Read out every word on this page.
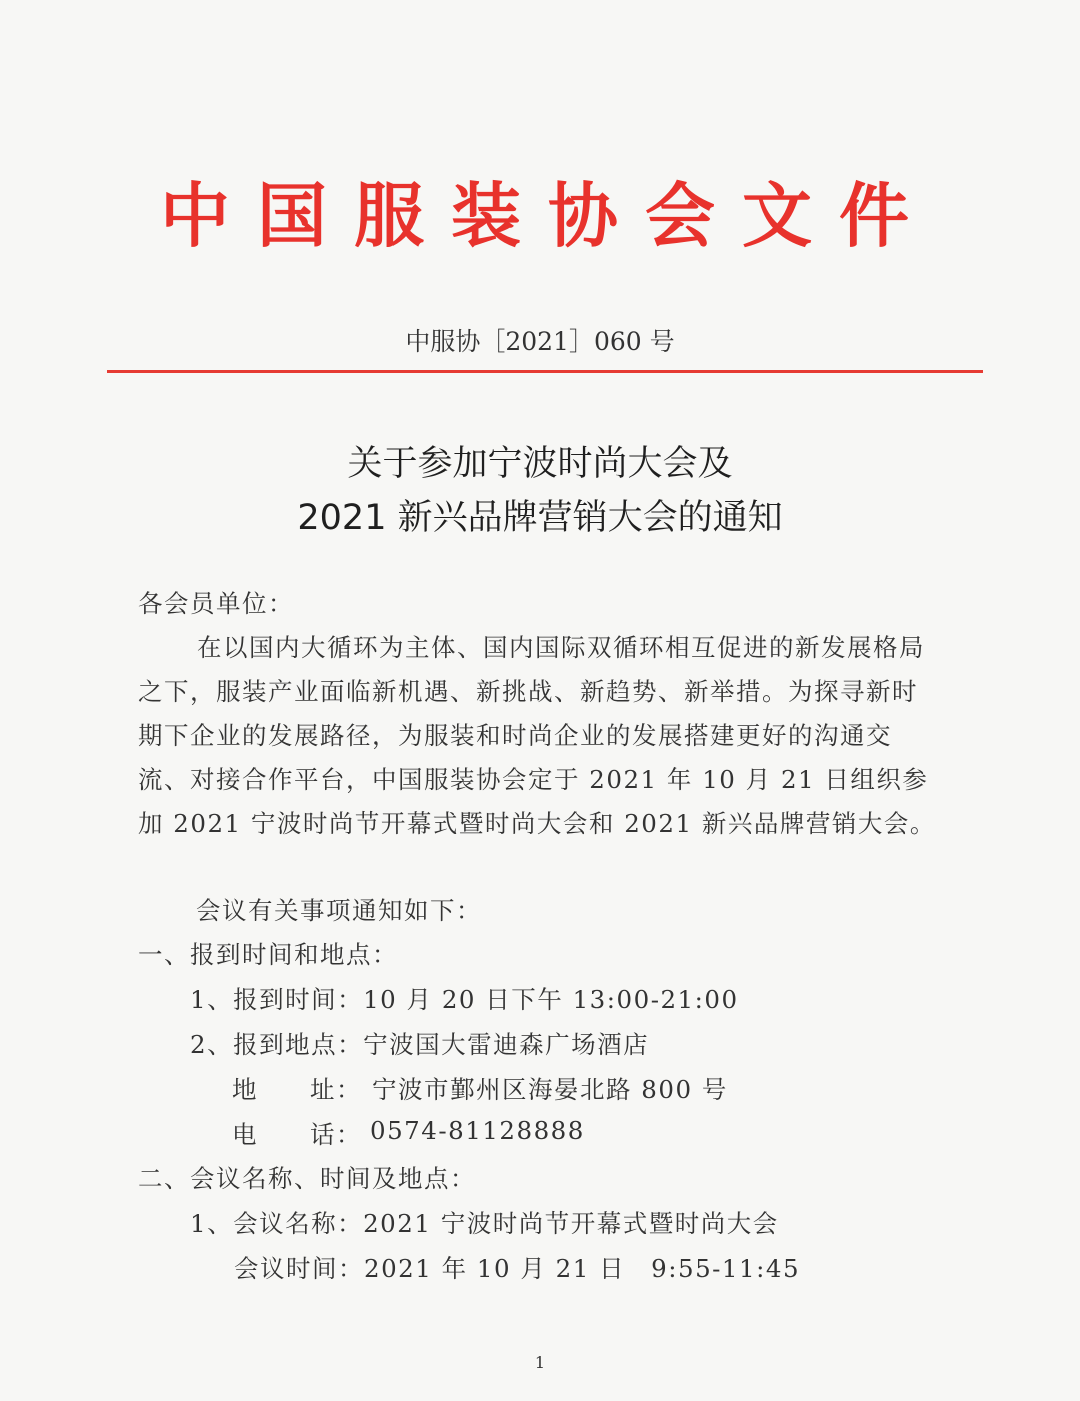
中国服装协会文件
中服协［2021］060 号
关于参加宁波时尚大会及
2021 新兴品牌营销大会的通知
各会员单位：
在以国内大循环为主体、国内国际双循环相互促进的新发展格局之下，服装产业面临新机遇、新挑战、新趋势、新举措。为探寻新时期下企业的发展路径，为服装和时尚企业的发展搭建更好的沟通交流、对接合作平台，中国服装协会定于 2021 年 10 月 21 日组织参加 2021 宁波时尚节开幕式暨时尚大会和 2021 新兴品牌营销大会。
会议有关事项通知如下：
一、报到时间和地点：
1、报到时间：10 月 20 日下午 13:00-21:00
2、报到地点：宁波国大雷迪森广场酒店
地　　址： 宁波市鄞州区海晏北路 800 号
电　　话： 0574-81128888
二、会议名称、时间及地点：
1、会议名称：2021 宁波时尚节开幕式暨时尚大会
会议时间：2021 年 10 月 21 日　9:55-11:45
1
